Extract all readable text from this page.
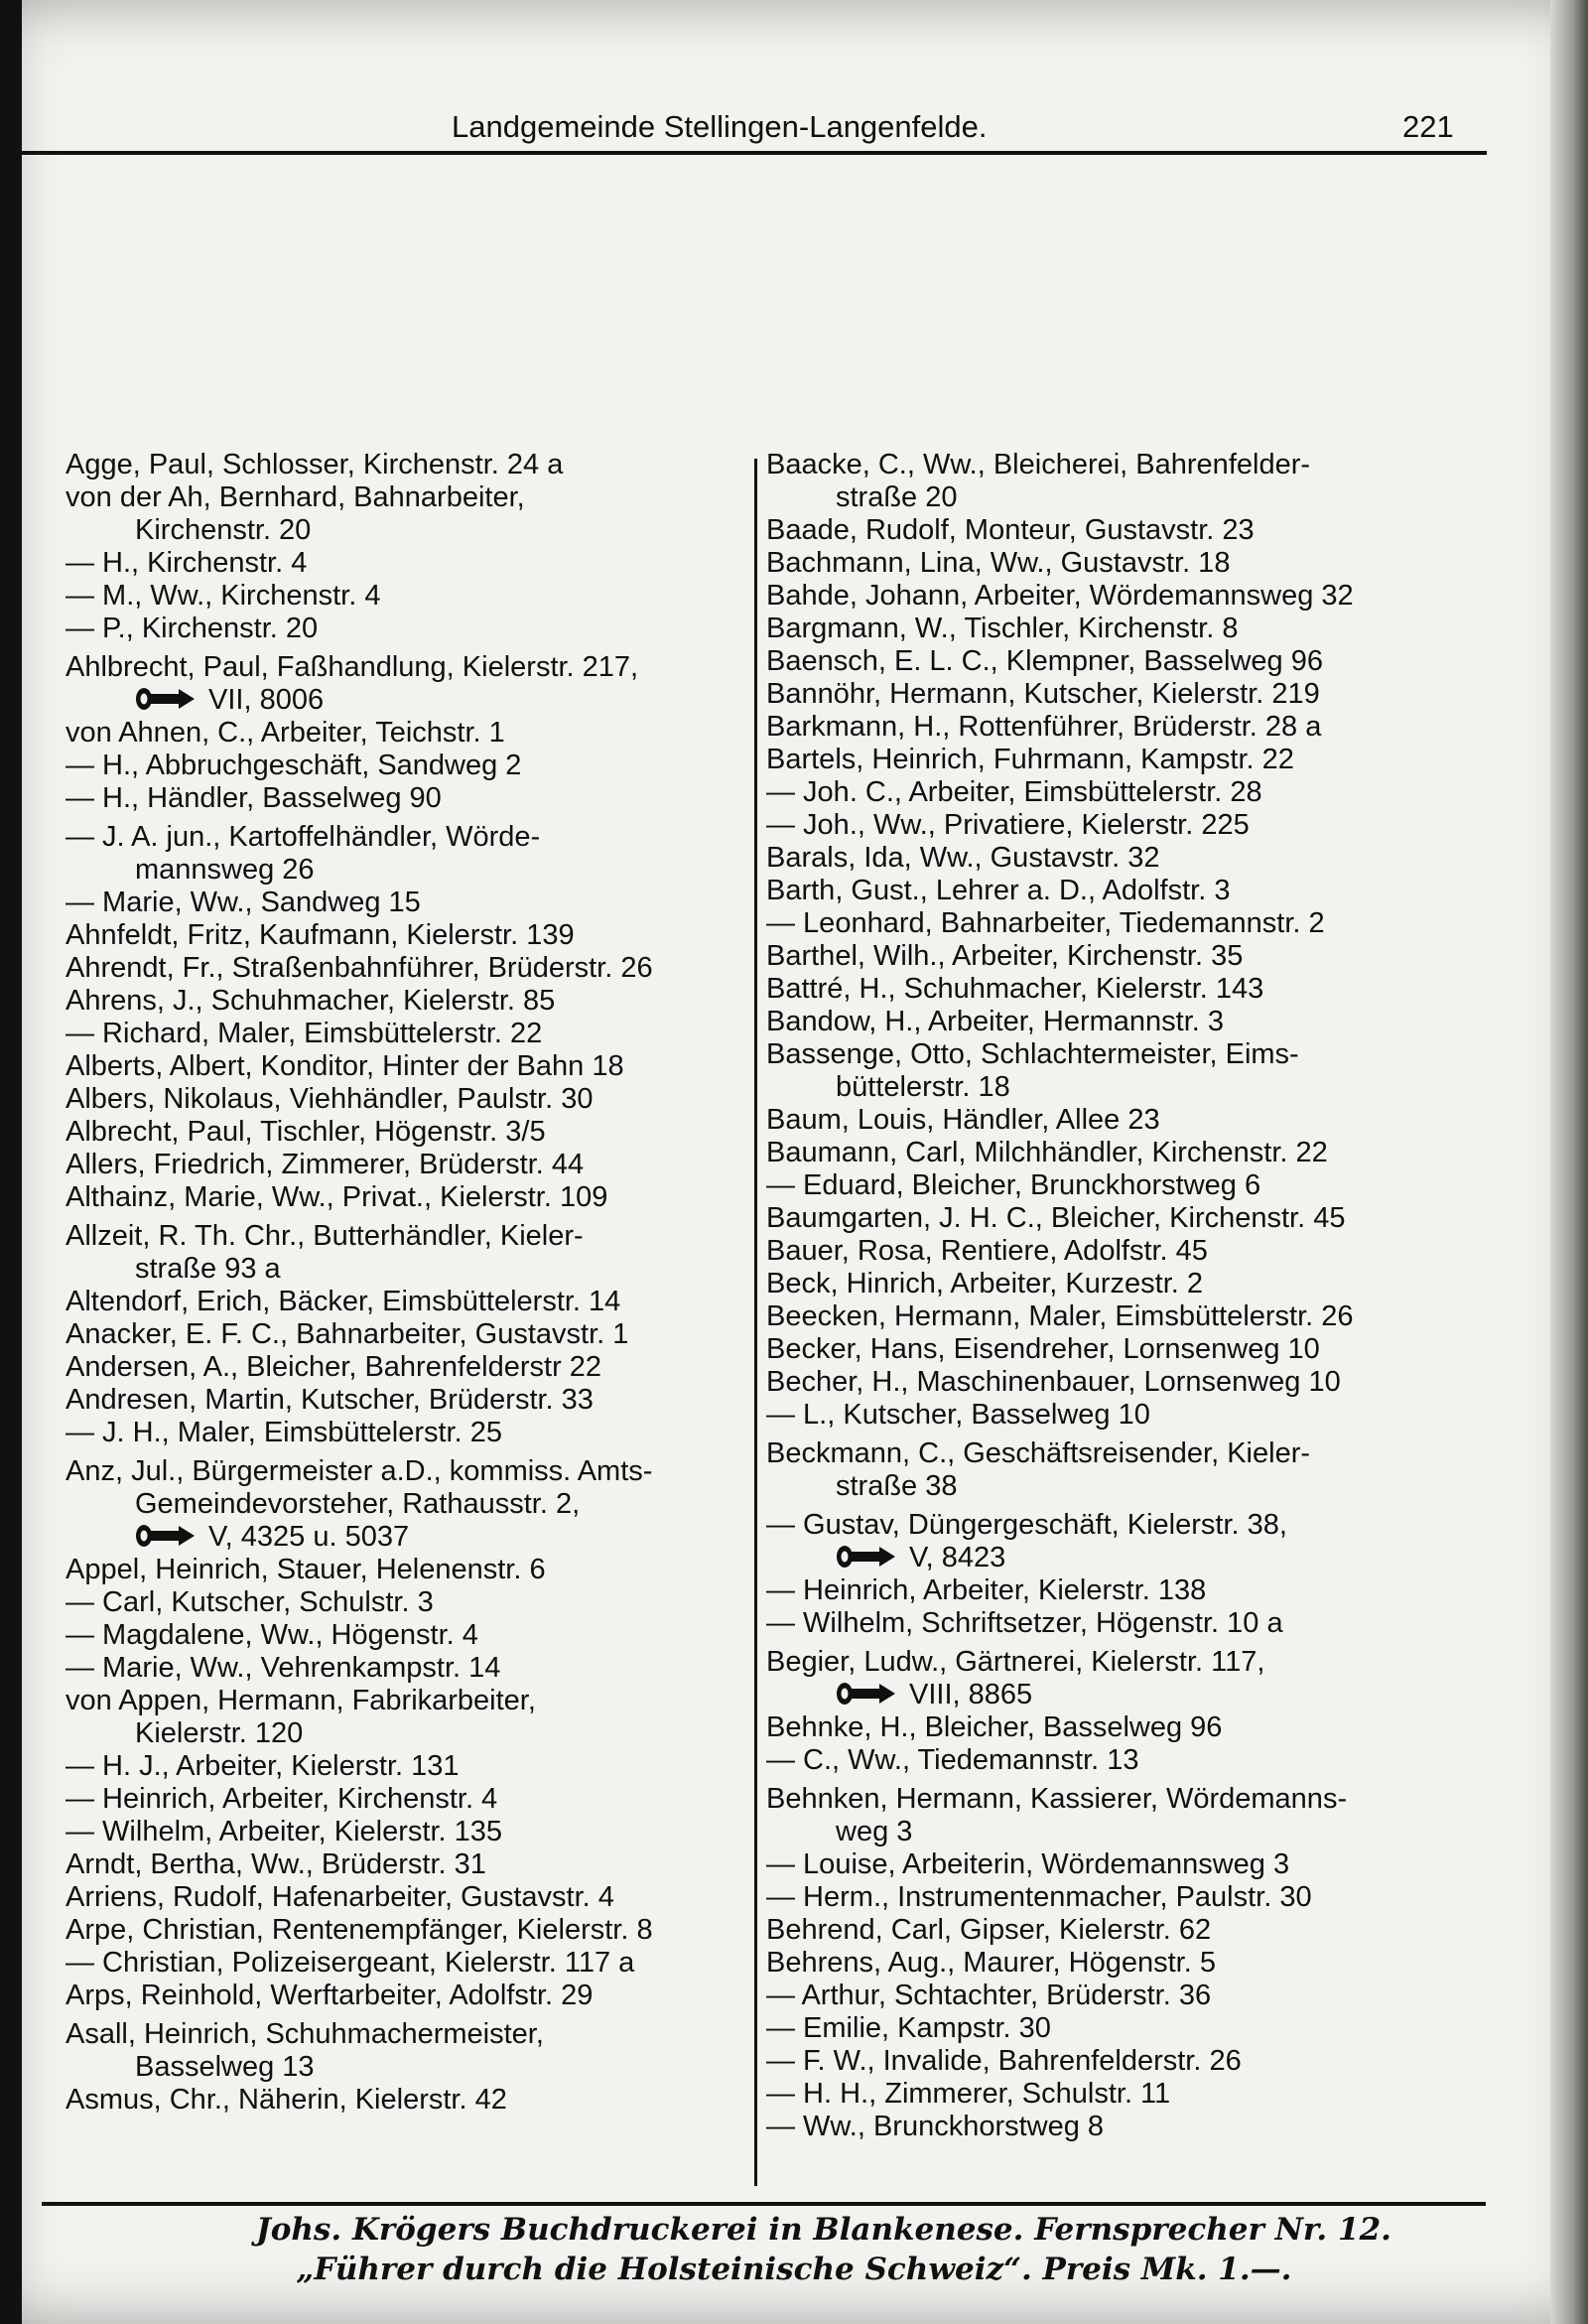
Landgemeinde Stellingen-Langenfelde.	221
Agge, Paul, Schlosser, Kirchenstr. 24 a
von der Ah, Bernhard, Bahnarbeiter,
Kirchenstr. 20
— H., Kirchenstr. 4
— M., Ww., Kirchenstr. 4
— P., Kirchenstr. 20
Ahlbrecht, Paul, Faßhandlung, Kielerstr. 217,
VII, 8006
von Ahnen, C., Arbeiter, Teichstr. 1
— H., Abbruchgeschäft, Sandweg 2
— H., Händler, Basselweg 90
— J. A. jun., Kartoffelhändler, Wörde-
mannsweg 26
— Marie, Ww., Sandweg 15
Ahnfeldt, Fritz, Kaufmann, Kielerstr. 139
Ahrendt, Fr., Straßenbahnführer, Brüderstr. 26
Ahrens, J., Schuhmacher, Kielerstr. 85
— Richard, Maler, Eimsbüttelerstr. 22
Alberts, Albert, Konditor, Hinter der Bahn 18
Albers, Nikolaus, Viehhändler, Paulstr. 30
Albrecht, Paul, Tischler, Högenstr. 3/5
Allers, Friedrich, Zimmerer, Brüderstr. 44
Althainz, Marie, Ww., Privat., Kielerstr. 109
Allzeit, R. Th. Chr., Butterhändler, Kieler-
straße 93 a
Altendorf, Erich, Bäcker, Eimsbüttelerstr. 14
Anacker, E. F. C., Bahnarbeiter, Gustavstr. 1
Andersen, A., Bleicher, Bahrenfelderstr 22
Andresen, Martin, Kutscher, Brüderstr. 33
— J. H., Maler, Eimsbüttelerstr. 25
Anz, Jul., Bürgermeister a.D., kommiss. Amts-
Gemeindevorsteher, Rathausstr. 2,
V, 4325 u. 5037
Appel, Heinrich, Stauer, Helenenstr. 6
— Carl, Kutscher, Schulstr. 3
— Magdalene, Ww., Högenstr. 4
— Marie, Ww., Vehrenkampstr. 14
von Appen, Hermann, Fabrikarbeiter,
Kielerstr. 120
— H. J., Arbeiter, Kielerstr. 131
— Heinrich, Arbeiter, Kirchenstr. 4
— Wilhelm, Arbeiter, Kielerstr. 135
Arndt, Bertha, Ww., Brüderstr. 31
Arriens, Rudolf, Hafenarbeiter, Gustavstr. 4
Arpe, Christian, Rentenempfänger, Kielerstr. 8
— Christian, Polizeisergeant, Kielerstr. 117 a
Arps, Reinhold, Werftarbeiter, Adolfstr. 29
Asall, Heinrich, Schuhmachermeister,
Basselweg 13
Asmus, Chr., Näherin, Kielerstr. 42
Baacke, C., Ww., Bleicherei, Bahrenfelder-
straße 20
Baade, Rudolf, Monteur, Gustavstr. 23
Bachmann, Lina, Ww., Gustavstr. 18
Bahde, Johann, Arbeiter, Wördemannsweg 32
Bargmann, W., Tischler, Kirchenstr. 8
Baensch, E. L. C., Klempner, Basselweg 96
Bannöhr, Hermann, Kutscher, Kielerstr. 219
Barkmann, H., Rottenführer, Brüderstr. 28 a
Bartels, Heinrich, Fuhrmann, Kampstr. 22
— Joh. C., Arbeiter, Eimsbüttelerstr. 28
— Joh., Ww., Privatiere, Kielerstr. 225
Barals, Ida, Ww., Gustavstr. 32
Barth, Gust., Lehrer a. D., Adolfstr. 3
— Leonhard, Bahnarbeiter, Tiedemannstr. 2
Barthel, Wilh., Arbeiter, Kirchenstr. 35
Battré, H., Schuhmacher, Kielerstr. 143
Bandow, H., Arbeiter, Hermannstr. 3
Bassenge, Otto, Schlachtermeister, Eims-
büttelerstr. 18
Baum, Louis, Händler, Allee 23
Baumann, Carl, Milchhändler, Kirchenstr. 22
— Eduard, Bleicher, Brunckhorstweg 6
Baumgarten, J. H. C., Bleicher, Kirchenstr. 45
Bauer, Rosa, Rentiere, Adolfstr. 45
Beck, Hinrich, Arbeiter, Kurzestr. 2
Beecken, Hermann, Maler, Eimsbüttelerstr. 26
Becker, Hans, Eisendreher, Lornsenweg 10
Becher, H., Maschinenbauer, Lornsenweg 10
— L., Kutscher, Basselweg 10
Beckmann, C., Geschäftsreisender, Kieler-
straße 38
— Gustav, Düngergeschäft, Kielerstr. 38,
V, 8423
— Heinrich, Arbeiter, Kielerstr. 138
— Wilhelm, Schriftsetzer, Högenstr. 10 a
Begier, Ludw., Gärtnerei, Kielerstr. 117,
VIII, 8865
Behnke, H., Bleicher, Basselweg 96
— C., Ww., Tiedemannstr. 13
Behnken, Hermann, Kassierer, Wördemanns-
weg 3
— Louise, Arbeiterin, Wördemannsweg 3
— Herm., Instrumentenmacher, Paulstr. 30
Behrend, Carl, Gipser, Kielerstr. 62
Behrens, Aug., Maurer, Högenstr. 5
— Arthur, Schtachter, Brüderstr. 36
— Emilie, Kampstr. 30
— F. W., Invalide, Bahrenfelderstr. 26
— H. H., Zimmerer, Schulstr. 11
— Ww., Brunckhorstweg 8
Johs. Krögers Buchdruckerei in Blankenese. Fernsprecher Nr. 12.
„Führer durch die Holsteinische Schweiz“. Preis Mk. 1.—.
